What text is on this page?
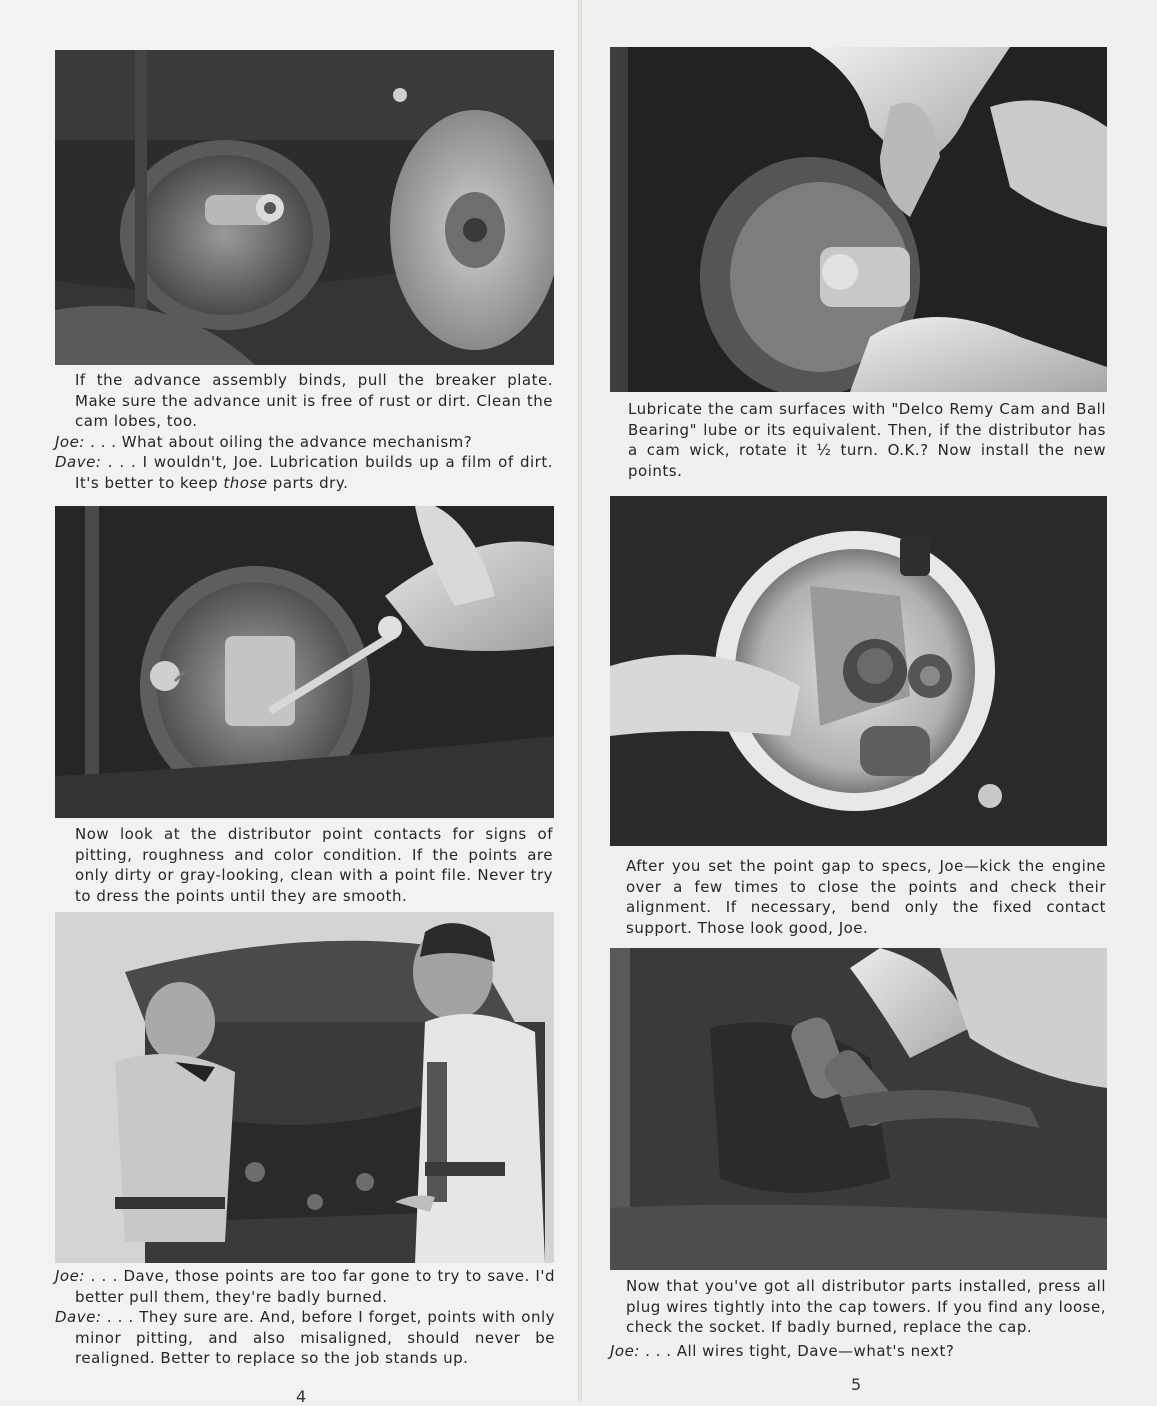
If the advance assembly binds, pull the breaker plate. Make sure the advance unit is free of rust or dirt. Clean the cam lobes, too.

Joe: . . . What about oiling the advance mechanism?

Dave: . . . I wouldn't, Joe. Lubrication builds up a film of dirt. It's better to keep those parts dry.

Now look at the distributor point contacts for signs of pitting, roughness and color condition. If the points are only dirty or gray-looking, clean with a point file. Never try to dress the points until they are smooth.

Joe: . . . Dave, those points are too far gone to try to save. I'd better pull them, they're badly burned.

Dave: . . . They sure are. And, before I forget, points with only minor pitting, and also misaligned, should never be realigned. Better to replace so the job stands up.

4

Lubricate the cam surfaces with "Delco Remy Cam and Ball Bearing" lube or its equivalent. Then, if the distributor has a cam wick, rotate it ½ turn. O.K.? Now install the new points.

After you set the point gap to specs, Joe—kick the engine over a few times to close the points and check their alignment. If necessary, bend only the fixed contact support. Those look good, Joe.

Now that you've got all distributor parts installed, press all plug wires tightly into the cap towers. If you find any loose, check the socket. If badly burned, replace the cap.

Joe: . . . All wires tight, Dave—what's next?

5
